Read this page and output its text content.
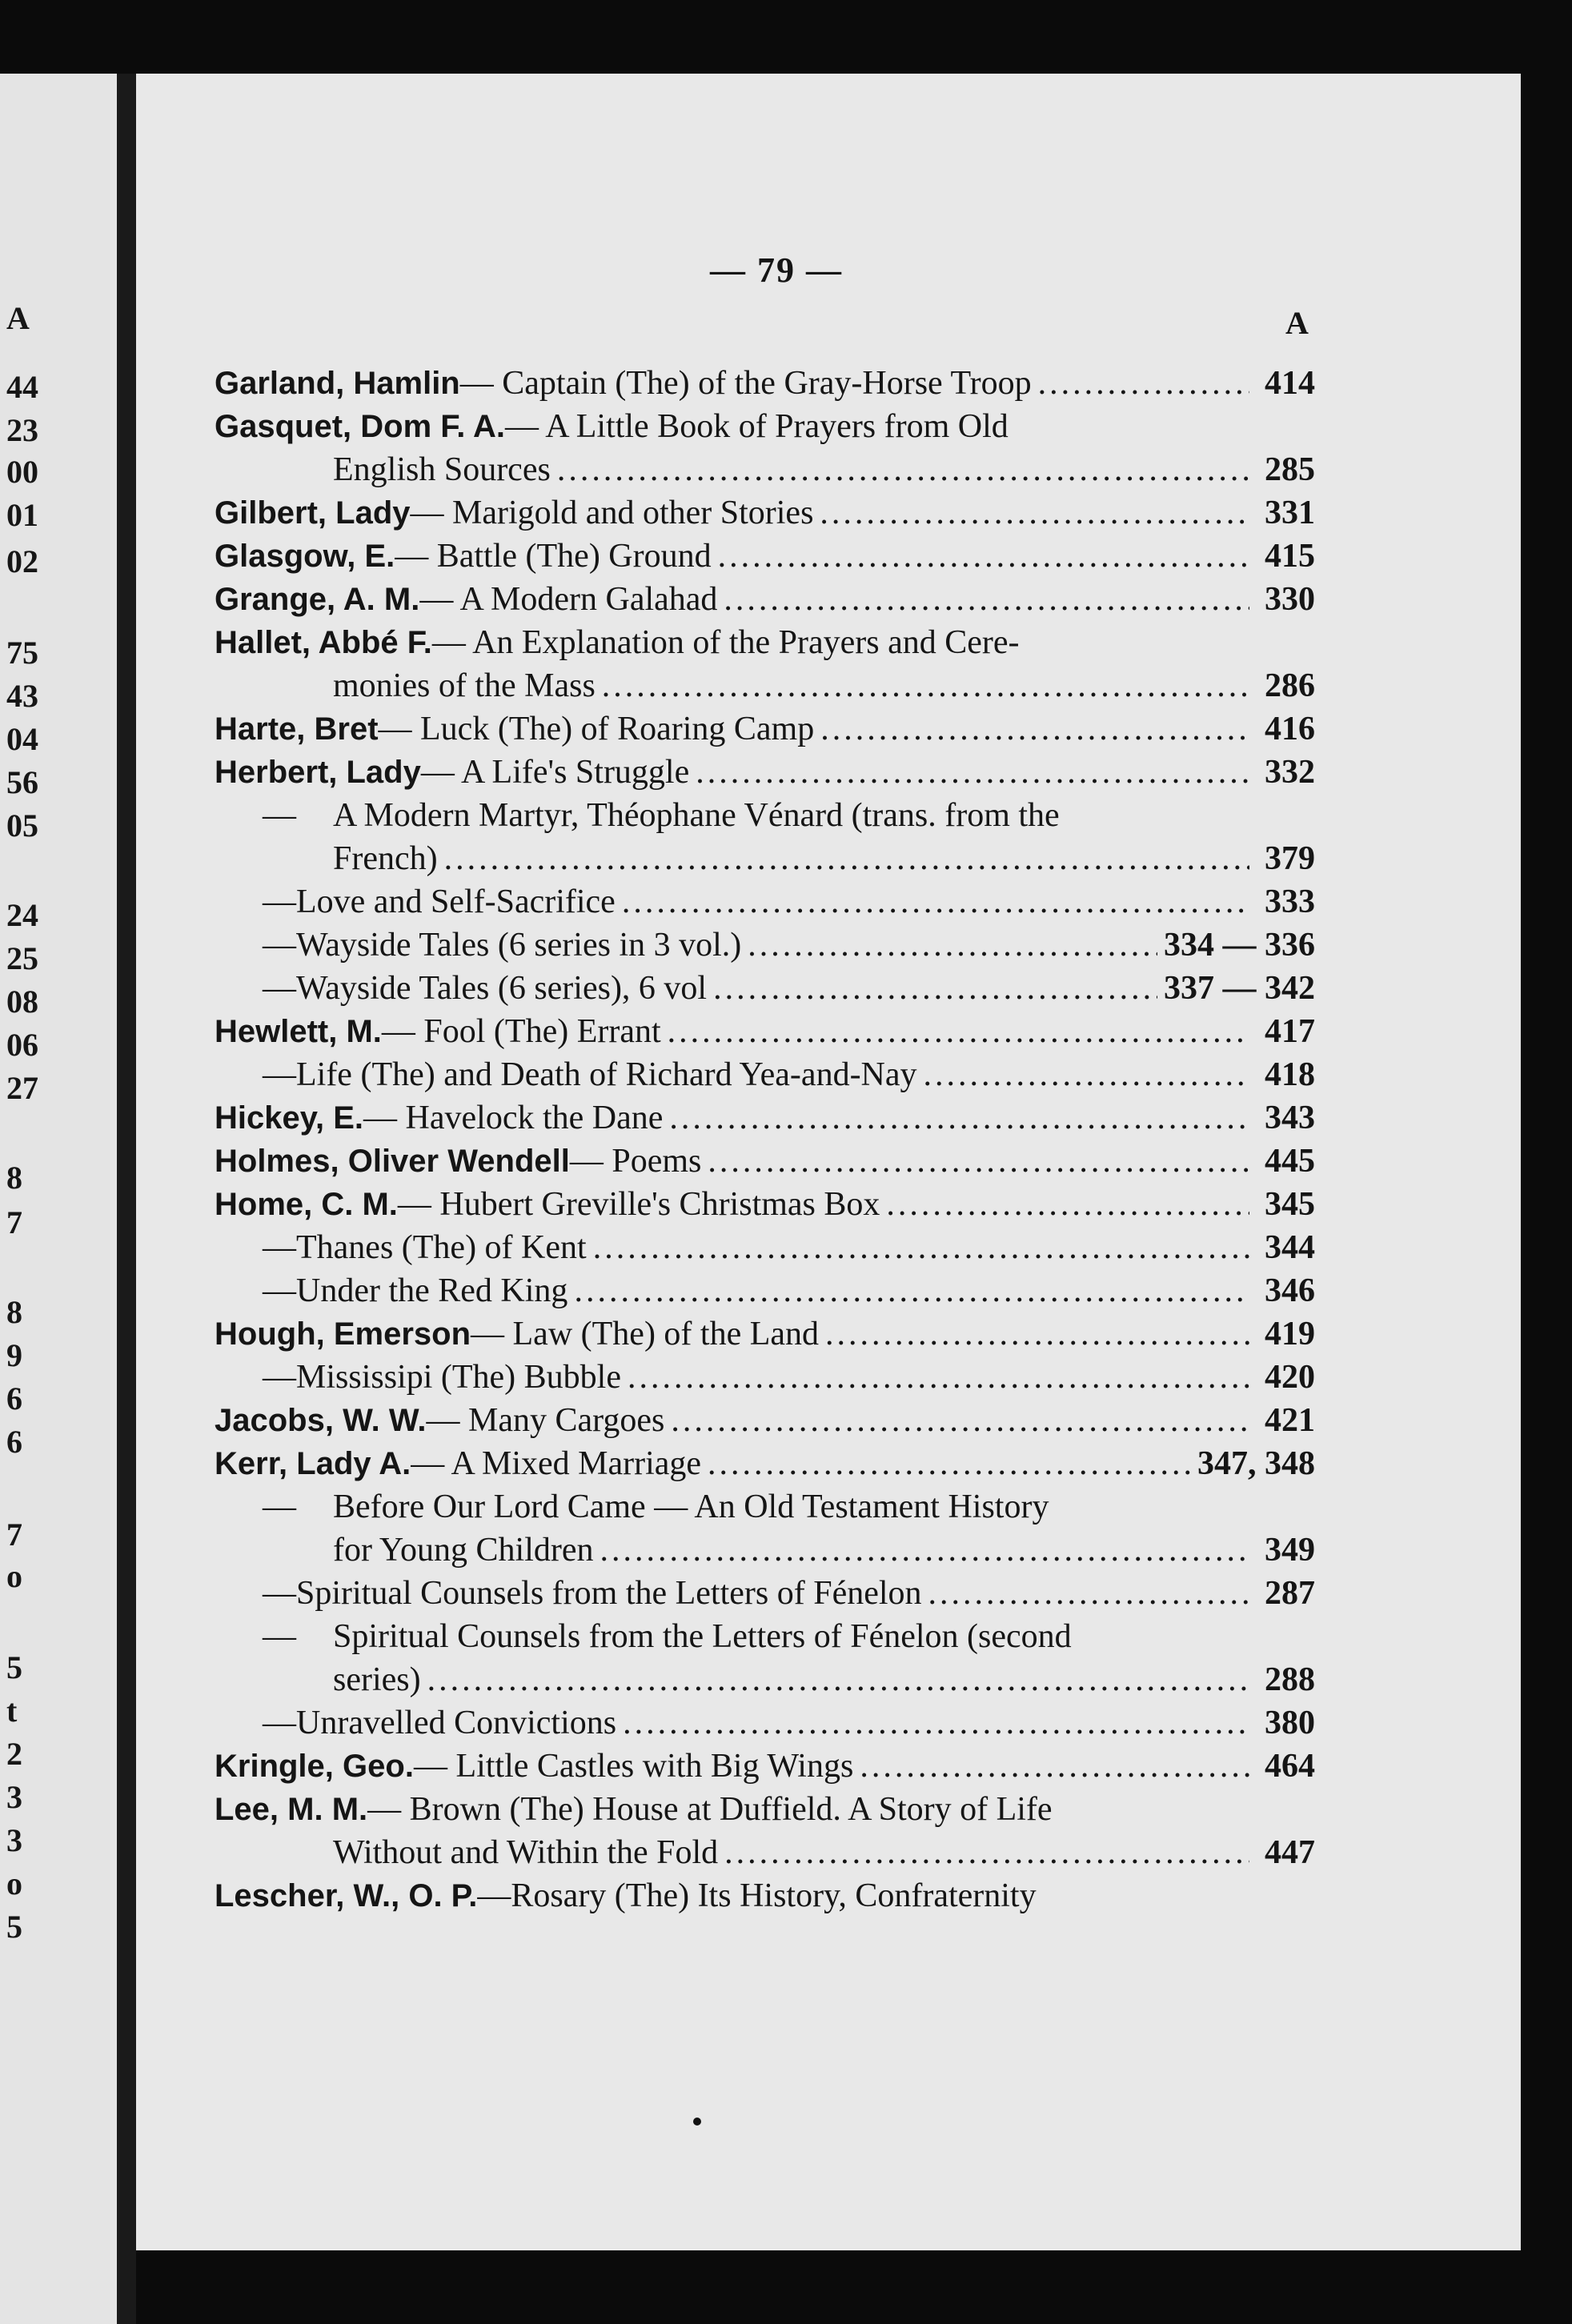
— 79 —
A
Garland, Hamlin — Captain (The) of the Gray-Horse Troop .....	414
Gasquet, Dom F. A. — A Little Book of Prayers from Old
English Sources .....	285
Gilbert, Lady — Marigold and other Stories .....	331
Glasgow, E. — Battle (The) Ground .....	415
Grange, A. M. — A Modern Galahad .....	330
Hallet, Abbé F. — An Explanation of the Prayers and Cere-
monies of the Mass .....	286
Harte, Bret — Luck (The) of Roaring Camp .....	416
Herbert, Lady — A Life's Struggle .....	332
—	A Modern Martyr, Théophane Vénard (trans. from the
French) .....	379
— Love and Self-Sacrifice .....	333
— Wayside Tales (6 series in 3 vol.) .....	334 — 336
— Wayside Tales (6 series), 6 vol .....	337 — 342
Hewlett, M. — Fool (The) Errant .....	417
— Life (The) and Death of Richard Yea-and-Nay .....	418
Hickey, E. — Havelock the Dane .....	343
Holmes, Oliver Wendell — Poems .....	445
Home, C. M. — Hubert Greville's Christmas Box .....	345
— Thanes (The) of Kent .....	344
— Under the Red King .....	346
Hough, Emerson — Law (The) of the Land .....	419
— Mississipi (The) Bubble .....	420
Jacobs, W. W. — Many Cargoes .....	421
Kerr, Lady A. — A Mixed Marriage .....	347, 348
—	Before Our Lord Came — An Old Testament History
for Young Children .....	349
— Spiritual Counsels from the Letters of Fénelon .....	287
—	Spiritual Counsels from the Letters of Fénelon (second
series) .....	288
— Unravelled Convictions .....	380
Kringle, Geo. — Little Castles with Big Wings .....	464
Lee, M. M. — Brown (The) House at Duffield. A Story of Life
Without and Within the Fold .....	447
Lescher, W., O. P. —Rosary (The) Its History, Confraternity
A
44
23
00
01
02
75
43
04
56
05
24
25
08
06
27
8
7
8
9
6
6
7
o
5
t
2
3
3
o
5
